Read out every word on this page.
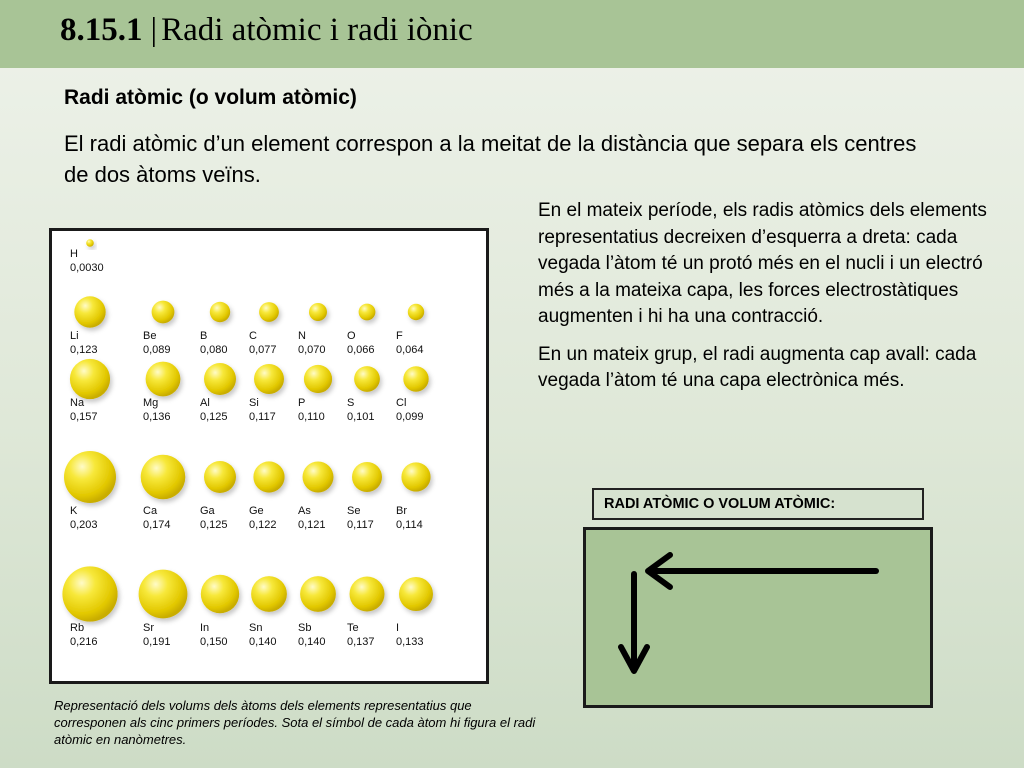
8.15.1 | Radi atòmic i radi iònic
Radi atòmic (o volum atòmic)

El radi atòmic d’un element correspon a la meitat de la distància que separa els centres de dos àtoms veïns.

En el mateix període, els radis atòmics dels elements representatius decreixen d’esquerra a dreta: cada vegada l’àtom té un protó més en el nucli i un electró més a la mateixa capa, les forces electrostàtiques augmenten i hi ha una contracció.

En un mateix grup, el radi augmenta cap avall: cada vegada l’àtom té una capa electrònica més.

H
0,0030
Li
0,123
Be
0,089
B
0,080
C
0,077
N
0,070
O
0,066
F
0,064
Na
0,157
Mg
0,136
Al
0,125
Si
0,117
P
0,110
S
0,101
Cl
0,099
K
0,203
Ca
0,174
Ga
0,125
Ge
0,122
As
0,121
Se
0,117
Br
0,114
Rb
0,216
Sr
0,191
In
0,150
Sn
0,140
Sb
0,140
Te
0,137
I
0,133

Representació dels volums dels àtoms dels elements representatius que corresponen als cinc primers períodes. Sota el símbol de cada àtom hi figura el radi atòmic en nanòmetres.

RADI ATÒMIC O VOLUM ATÒMIC:
